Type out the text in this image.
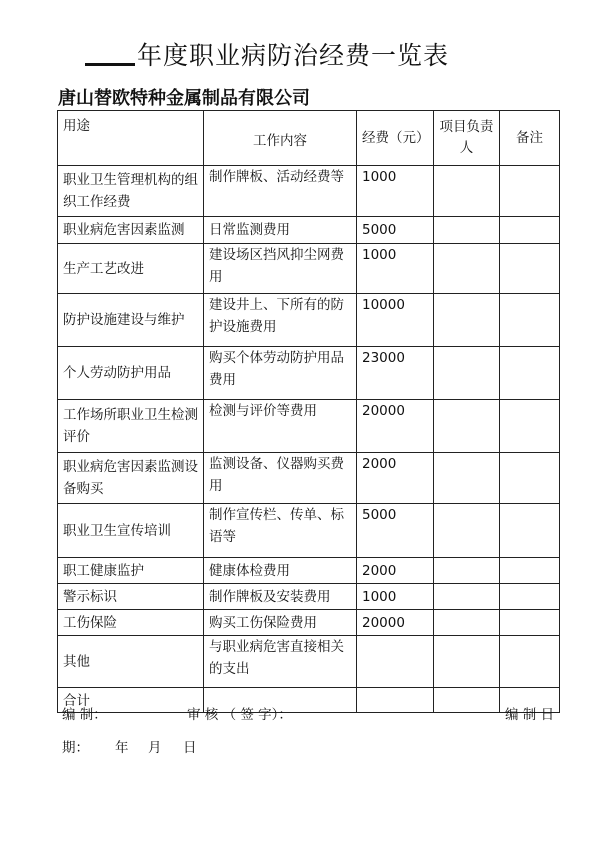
年度职业病防治经费一览表
唐山替欧特种金属制品有限公司
用途	工作内容	经费（元）	项目负责人	备注
职业卫生管理机构的组织工作经费	制作牌板、活动经费等	1000		
职业病危害因素监测	日常监测费用	5000		
生产工艺改进	建设场区挡风抑尘网费用	1000		
防护设施建设与维护	建设井上、下所有的防护设施费用	10000		
个人劳动防护用品	购买个体劳动防护用品费用	23000		
工作场所职业卫生检测评价	检测与评价等费用	20000		
职业病危害因素监测设备购买	监测设备、仪器购买费用	2000		
职业卫生宣传培训	制作宣传栏、传单、标语等	5000		
职工健康监护	健康体检费用	2000		
警示标识	制作牌板及安装费用	1000		
工伤保险	购买工伤保险费用	20000		
其他	与职业病危害直接相关的支出			
合计				
编 制：	审 核 （ 签 字）：	编 制 日
期： 年 月 日
